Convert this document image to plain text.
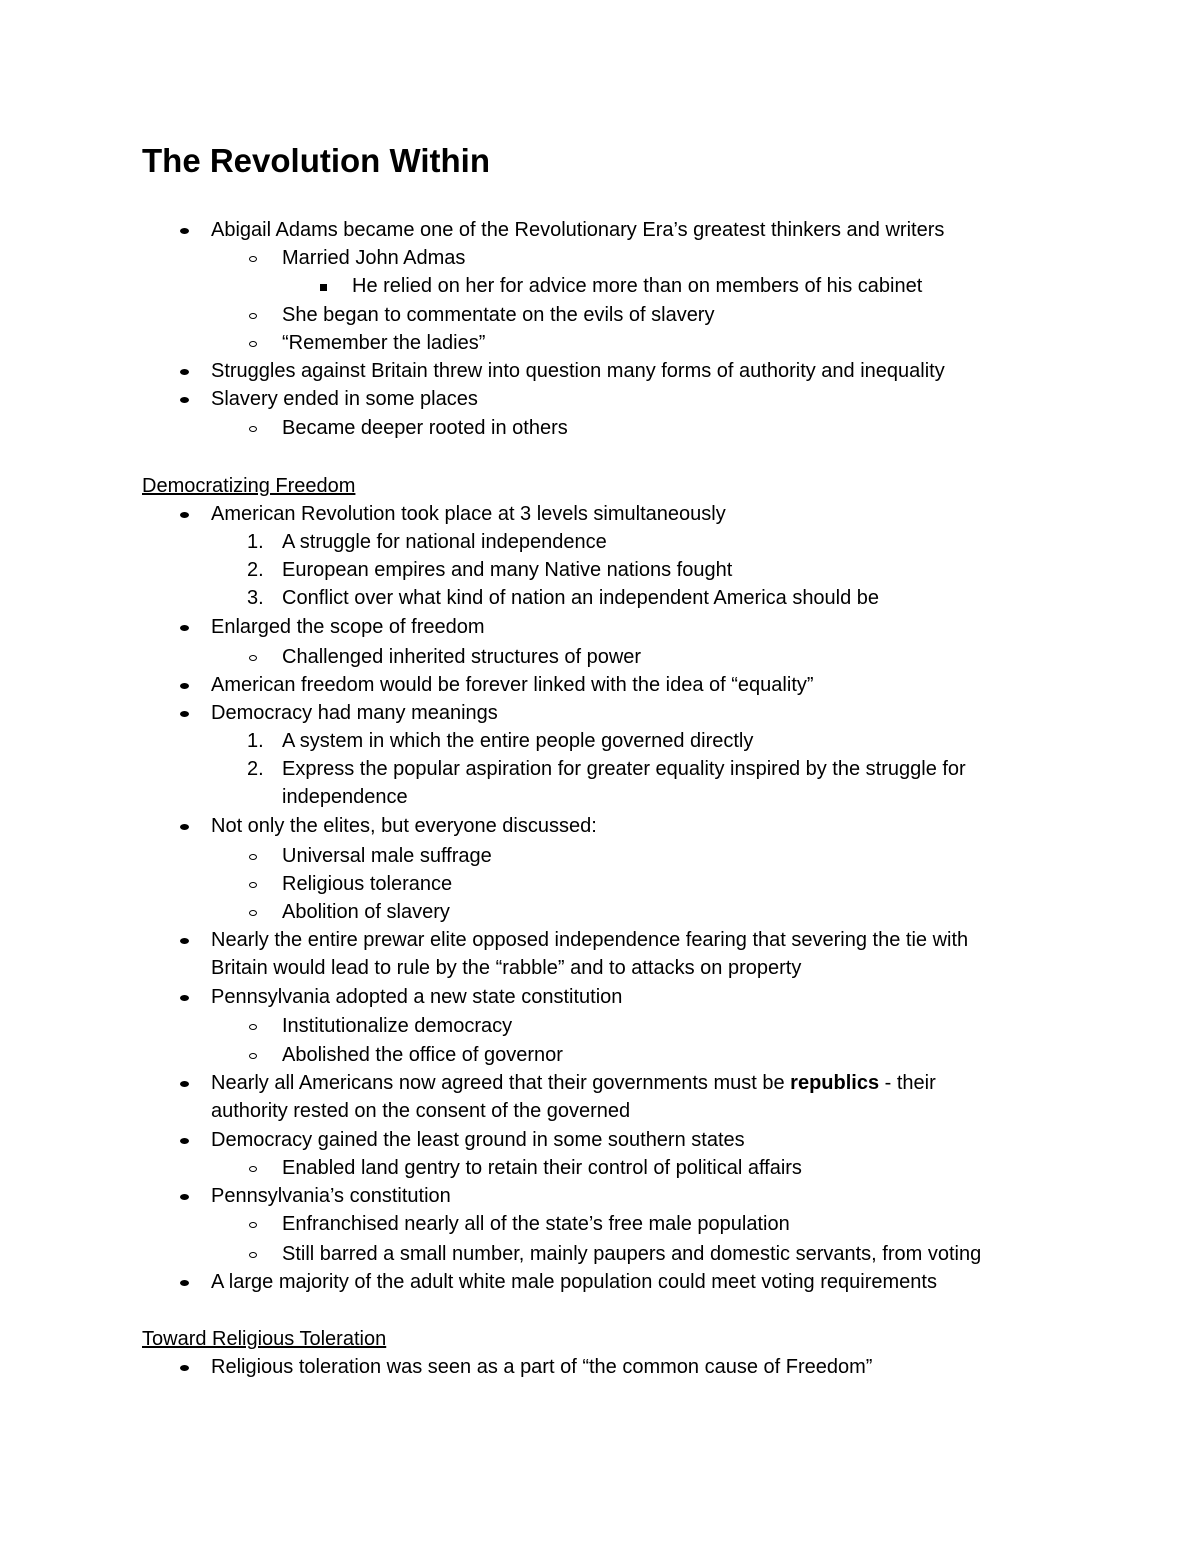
The Revolution Within
Abigail Adams became one of the Revolutionary Era’s greatest thinkers and writers
Married John Admas
He relied on her for advice more than on members of his cabinet
She began to commentate on the evils of slavery
“Remember the ladies”
Struggles against Britain threw into question many forms of authority and inequality
Slavery ended in some places
Became deeper rooted in others
Democratizing Freedom
American Revolution took place at 3 levels simultaneously
1. A struggle for national independence
2. European empires and many Native nations fought
3. Conflict over what kind of nation an independent America should be
Enlarged the scope of freedom
Challenged inherited structures of power
American freedom would be forever linked with the idea of “equality”
Democracy had many meanings
1. A system in which the entire people governed directly
2. Express the popular aspiration for greater equality inspired by the struggle for
independence
Not only the elites, but everyone discussed:
Universal male suffrage
Religious tolerance
Abolition of slavery
Nearly the entire prewar elite opposed independence fearing that severing the tie with
Britain would lead to rule by the “rabble” and to attacks on property
Pennsylvania adopted a new state constitution
Institutionalize democracy
Abolished the office of governor
Nearly all Americans now agreed that their governments must be republics - their
authority rested on the consent of the governed
Democracy gained the least ground in some southern states
Enabled land gentry to retain their control of political affairs
Pennsylvania’s constitution
Enfranchised nearly all of the state’s free male population
Still barred a small number, mainly paupers and domestic servants, from voting
A large majority of the adult white male population could meet voting requirements
Toward Religious Toleration
Religious toleration was seen as a part of “the common cause of Freedom”
